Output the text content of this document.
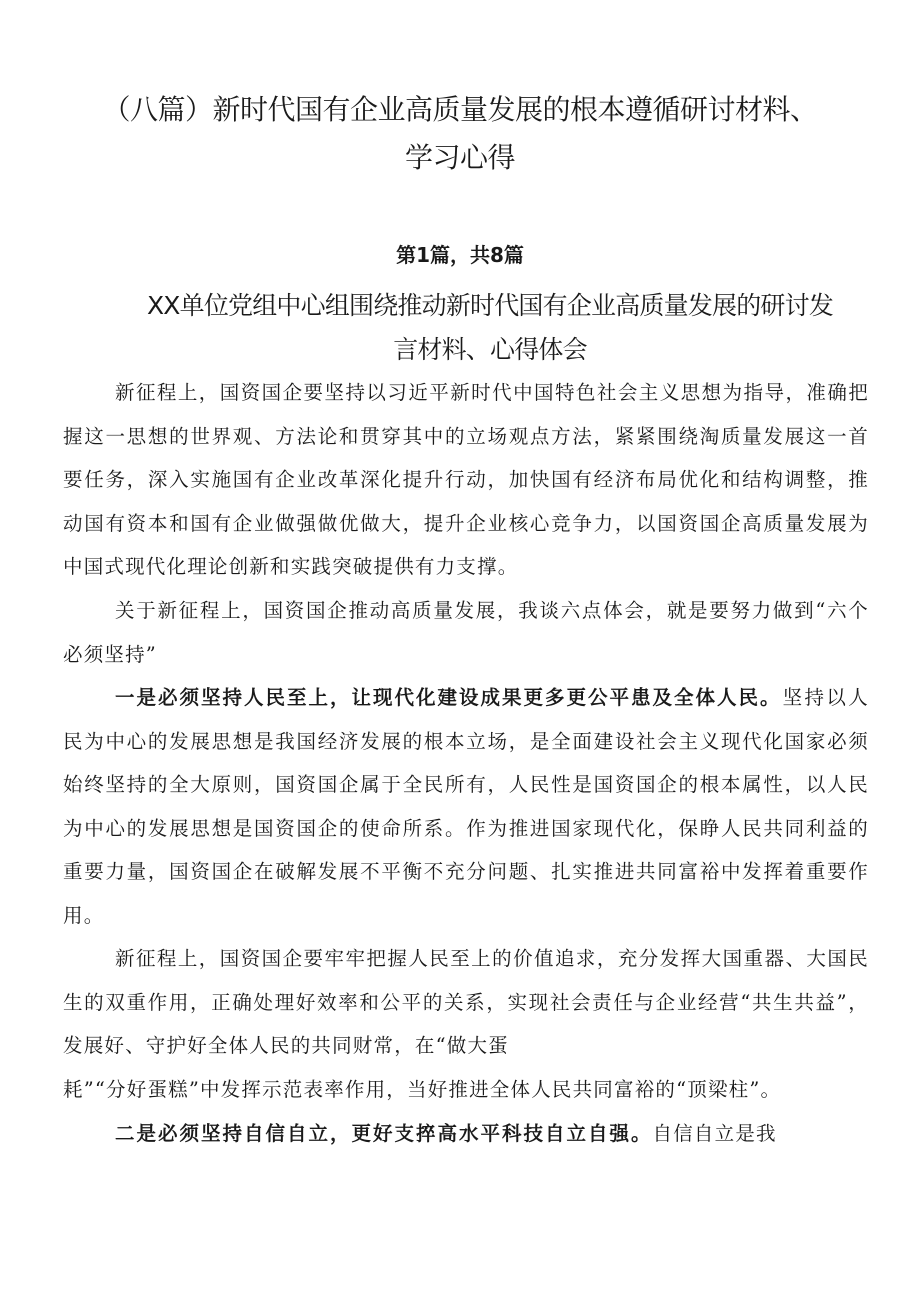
（八篇）新时代国有企业高质量发展的根本遵循研讨材料、
学习心得
第1篇，共8篇
XX单位党组中心组围绕推动新时代国有企业高质量发展的研讨发
言材料、心得体会

新征程上，国资国企要坚持以习近平新时代中国特色社会主义思想为指导，准确把握这一思想的世界观、方法论和贯穿其中的立场观点方法，紧紧围绕淘质量发展这一首要任务，深入实施国有企业改革深化提升行动，加快国有经济布局优化和结构调整，推动国有资本和国有企业做强做优做大，提升企业核心竞争力，以国资国企高质量发展为中国式现代化理论创新和实践突破提供有力支撑。

关于新征程上，国资国企推动高质量发展，我谈六点体会，就是要努力做到“六个必须坚持”

一是必须坚持人民至上，让现代化建设成果更多更公平患及全体人民。坚持以人民为中心的发展思想是我国经济发展的根本立场，是全面建设社会主义现代化国家必须始终坚持的全大原则，国资国企属于全民所有，人民性是国资国企的根本属性，以人民为中心的发展思想是国资国企的使命所系。作为推进国家现代化，保睁人民共同利益的重要力量，国资国企在破解发展不平衡不充分问题、扎实推进共同富裕中发挥着重要作用。

新征程上，国资国企要牢牢把握人民至上的价值追求，充分发挥大国重器、大国民生的双重作用，正确处理好效率和公平的关系，实现社会责任与企业经营“共生共益”，发展好、守护好全体人民的共同财常，在“做大蛋

耗”“分好蛋糕”中发挥示范表率作用，当好推进全体人民共同富裕的“顶梁柱”。

二是必须坚持自信自立，更好支捽高水平科技自立自强。自信自立是我
